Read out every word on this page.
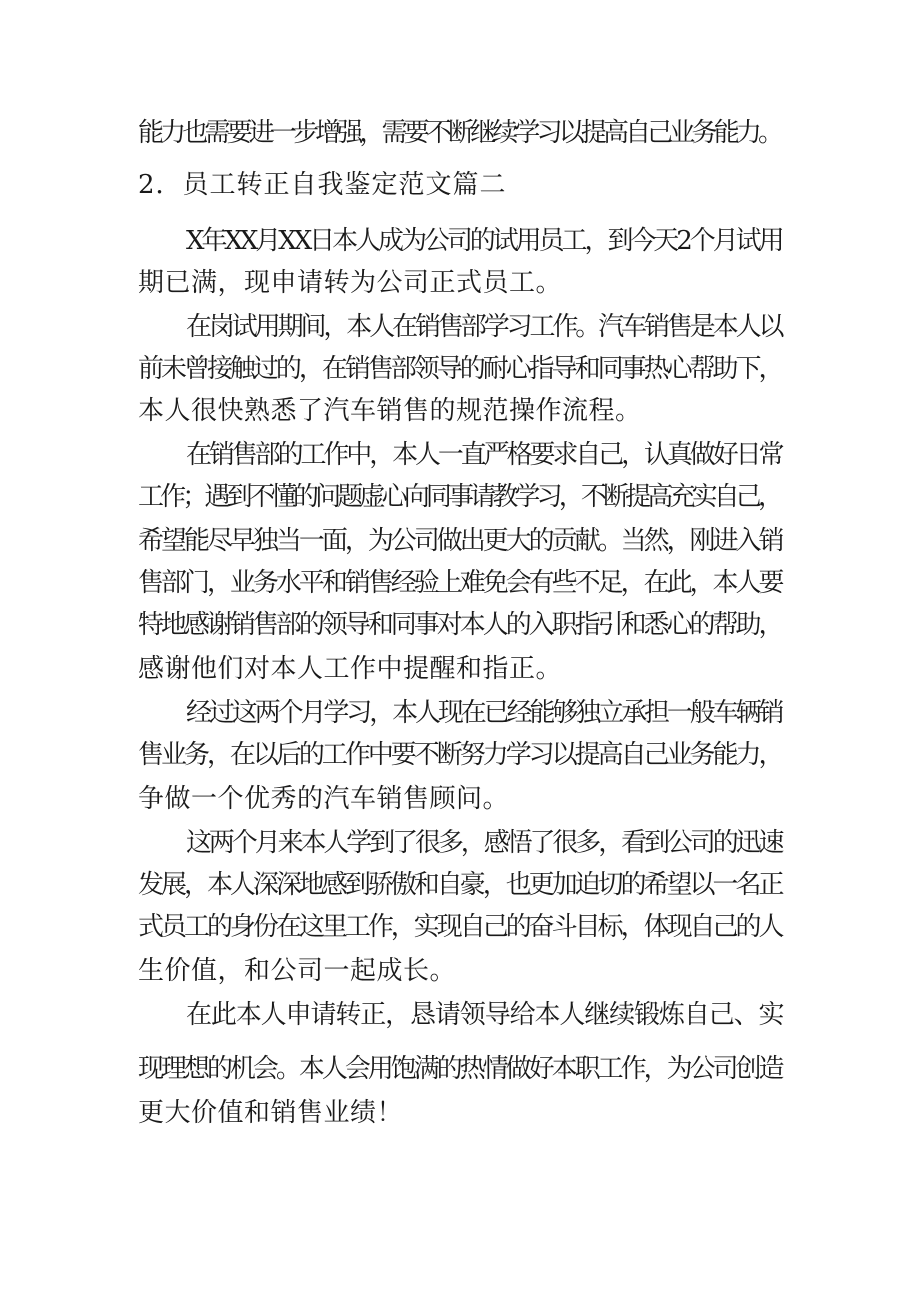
能力也需要进一步增强，需要不断继续学习以提高自己业务能力。
2．员工转正自我鉴定范文篇二
X年XX月XX日本人成为公司的试用员工，到今天2个月试用
期已满，现申请转为公司正式员工。
在岗试用期间，本人在销售部学习工作。汽车销售是本人以
前未曾接触过的，在销售部领导的耐心指导和同事热心帮助下，
本人很快熟悉了汽车销售的规范操作流程。
在销售部的工作中，本人一直严格要求自己，认真做好日常
工作；遇到不懂的问题虚心向同事请教学习，不断提高充实自己，
希望能尽早独当一面，为公司做出更大的贡献。当然，刚进入销
售部门，业务水平和销售经验上难免会有些不足，在此，本人要
特地感谢销售部的领导和同事对本人的入职指引和悉心的帮助，
感谢他们对本人工作中提醒和指正。
经过这两个月学习，本人现在已经能够独立承担一般车辆销
售业务，在以后的工作中要不断努力学习以提高自己业务能力，
争做一个优秀的汽车销售顾问。
这两个月来本人学到了很多，感悟了很多，看到公司的迅速
发展，本人深深地感到骄傲和自豪，也更加迫切的希望以一名正
式员工的身份在这里工作，实现自己的奋斗目标，体现自己的人
生价值，和公司一起成长。
在此本人申请转正，恳请领导给本人继续锻炼自己、实
现理想的机会。本人会用饱满的热情做好本职工作，为公司创造
更大价值和销售业绩！
